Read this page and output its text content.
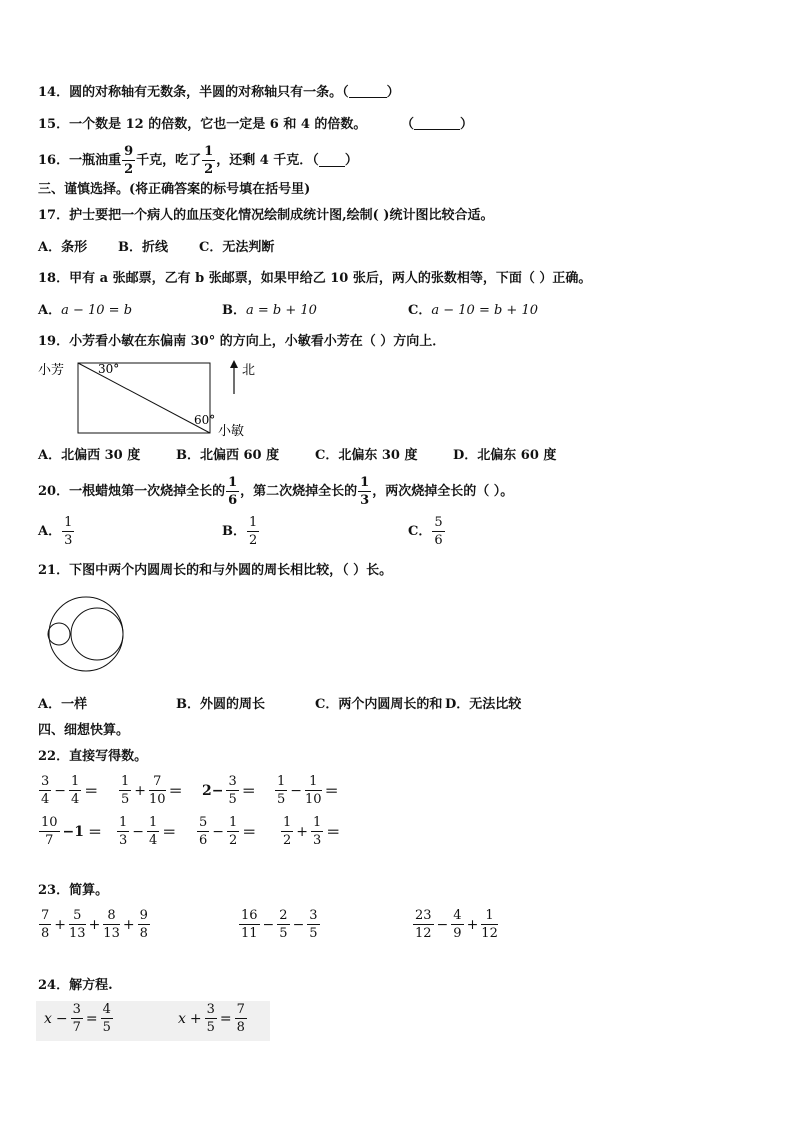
14．圆的对称轴有无数条，半圆的对称轴只有一条。（	）
15．一个数是 12 的倍数，它也一定是 6 和 4 的倍数。	（	）
16．一瓶油重 $\frac{9}{2}$ 千克，吃了 $\frac{1}{2}$ ，还剩 4 千克．（ ）
三、谨慎选择。(将正确答案的标号填在括号里)
17．护士要把一个病人的血压变化情况绘制成统计图,绘制( )统计图比较合适。
A．条形 B．折线 C．无法判断
18．甲有 a 张邮票，乙有 b 张邮票，如果甲给乙 10 张后，两人的张数相等，下面（ ）正确。
A．a − 10 = b	B．a = b + 10	C．a − 10 = b + 10
19．小芳看小敏在东偏南 30° 的方向上，小敏看小芳在（ ）方向上．
小芳	30°
60°
小敏
北
A．北偏西 30 度	B．北偏西 60 度	C．北偏东 30 度	D．北偏东 60 度
20．一根蜡烛第一次烧掉全长的 $\frac{1}{6}$ ，第二次烧掉全长的 $\frac{1}{3}$ ，两次烧掉全长的（ ）。
A． $\frac{1}{3}$	B． $\frac{1}{2}$	C． $\frac{5}{6}$
21．下图中两个内圆周长的和与外圆的周长相比较，（ ）长。
A．一样	B．外圆的周长	C．两个内圆周长的和 D．无法比较
四、细想快算。
22．直接写得数。
$\frac{3}{4} - \frac{1}{4} = \frac{1}{5} + \frac{7}{10} = 2- \frac{3}{5} = \frac{1}{5} - \frac{1}{10}$ ＝
$\frac{10}{7} -1 = \frac{1}{3} - \frac{1}{4} = \frac{5}{6} - \frac{1}{2} = \frac{1}{2} + \frac{1}{3}$ ＝
23．简算。
$\frac{7}{8} + \frac{5}{13} + \frac{8}{13} + \frac{9}{8}$	$\frac{16}{11} - \frac{2}{5} - \frac{3}{5}$	$\frac{23}{12} - \frac{4}{9} + \frac{1}{12}$
24．解方程.
$x - \frac{3}{7} = \frac{4}{5}$	$x + \frac{3}{5} = \frac{7}{8}$
